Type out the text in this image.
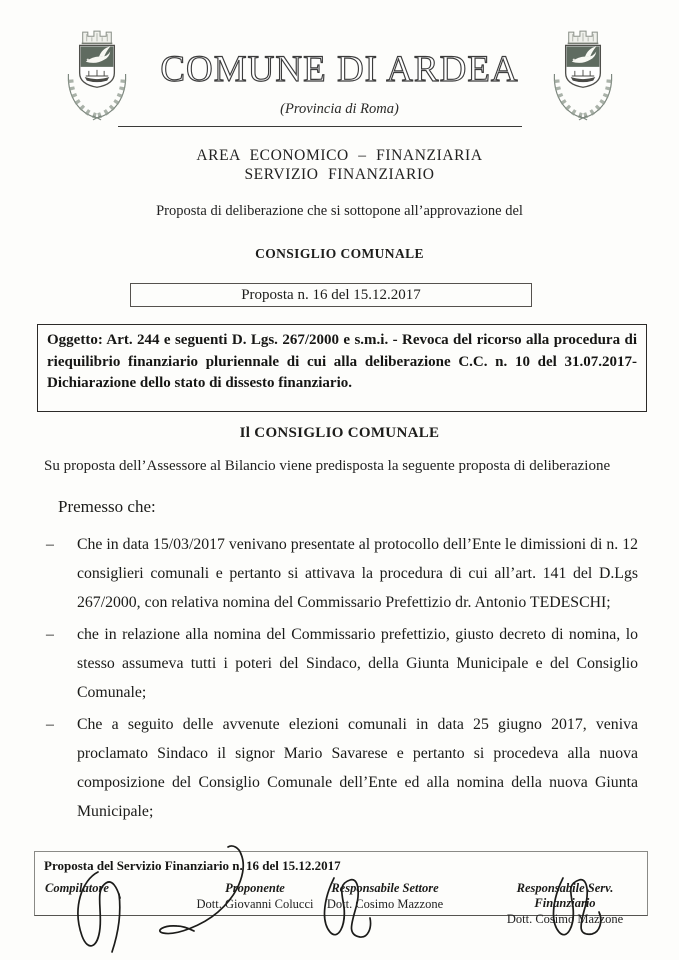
COMUNE DI ARDEA
(Provincia di Roma)
AREA ECONOMICO – FINANZIARIA
SERVIZIO FINANZIARIO
Proposta di deliberazione che si sottopone all’approvazione del
CONSIGLIO COMUNALE
Proposta n. 16 del 15.12.2017
Oggetto: Art. 244 e seguenti D. Lgs. 267/2000 e s.m.i. - Revoca del ricorso alla procedura di riequilibrio finanziario pluriennale di cui alla deliberazione C.C. n. 10 del 31.07.2017- Dichiarazione dello stato di dissesto finanziario.
Il CONSIGLIO COMUNALE
Su proposta dell’Assessore al Bilancio viene predisposta la seguente proposta di deliberazione
Premesso che:
– Che in data 15/03/2017 venivano presentate al protocollo dell’Ente le dimissioni di n. 12 consiglieri comunali e pertanto si attivava la procedura di cui all’art. 141 del D.Lgs 267/2000, con relativa nomina del Commissario Prefettizio dr. Antonio TEDESCHI;
– che in relazione alla nomina del Commissario prefettizio, giusto decreto di nomina, lo stesso assumeva tutti i poteri del Sindaco, della Giunta Municipale e del Consiglio Comunale;
– Che a seguito delle avvenute elezioni comunali in data 25 giugno 2017, veniva proclamato Sindaco il signor Mario Savarese e pertanto si procedeva alla nuova composizione del Consiglio Comunale dell’Ente ed alla nomina della nuova Giunta Municipale;
Proposta del Servizio Finanziario n. 16 del 15.12.2017
Compilatore	Proponente
Dott. Giovanni Colucci
Responsabile Settore
Dott. Cosimo Mazzone
Responsabile Serv. Finanziario
Dott. Cosimo Mazzone
